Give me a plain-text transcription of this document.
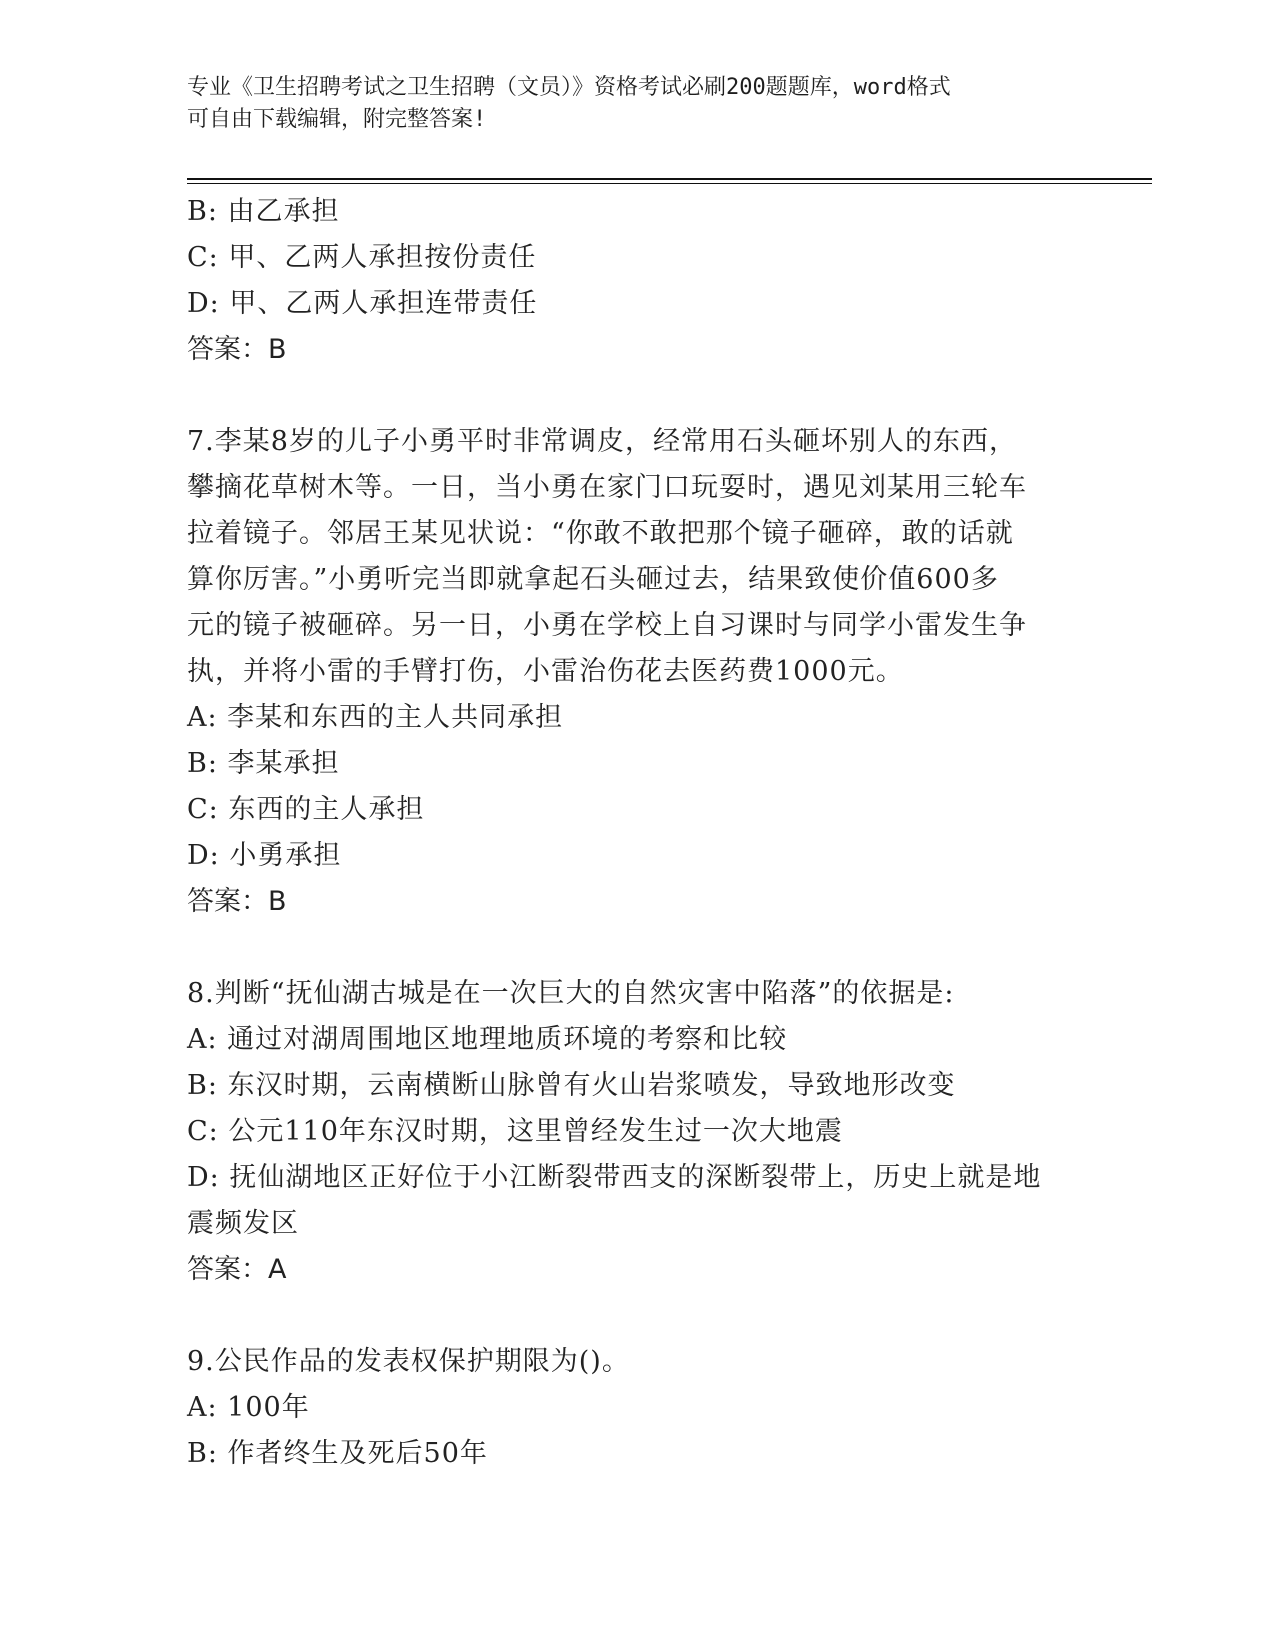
专业《卫生招聘考试之卫生招聘（文员）》资格考试必刷200题题库，word格式
可自由下载编辑，附完整答案!
B: 由乙承担
C: 甲、乙两人承担按份责任
D: 甲、乙两人承担连带责任
答案：B
7.李某8岁的儿子小勇平时非常调皮，经常用石头砸坏别人的东西，
攀摘花草树木等。一日，当小勇在家门口玩耍时，遇见刘某用三轮车
拉着镜子。邻居王某见状说：“你敢不敢把那个镜子砸碎，敢的话就
算你厉害。”小勇听完当即就拿起石头砸过去，结果致使价值600多
元的镜子被砸碎。另一日，小勇在学校上自习课时与同学小雷发生争
执，并将小雷的手臂打伤，小雷治伤花去医药费1000元。
A: 李某和东西的主人共同承担
B: 李某承担
C: 东西的主人承担
D: 小勇承担
答案：B
8.判断“抚仙湖古城是在一次巨大的自然灾害中陷落”的依据是:
A: 通过对湖周围地区地理地质环境的考察和比较
B: 东汉时期，云南横断山脉曾有火山岩浆喷发，导致地形改变
C: 公元110年东汉时期，这里曾经发生过一次大地震
D: 抚仙湖地区正好位于小江断裂带西支的深断裂带上，历史上就是地
震频发区
答案：A
9.公民作品的发表权保护期限为()。
A: 100年
B: 作者终生及死后50年
